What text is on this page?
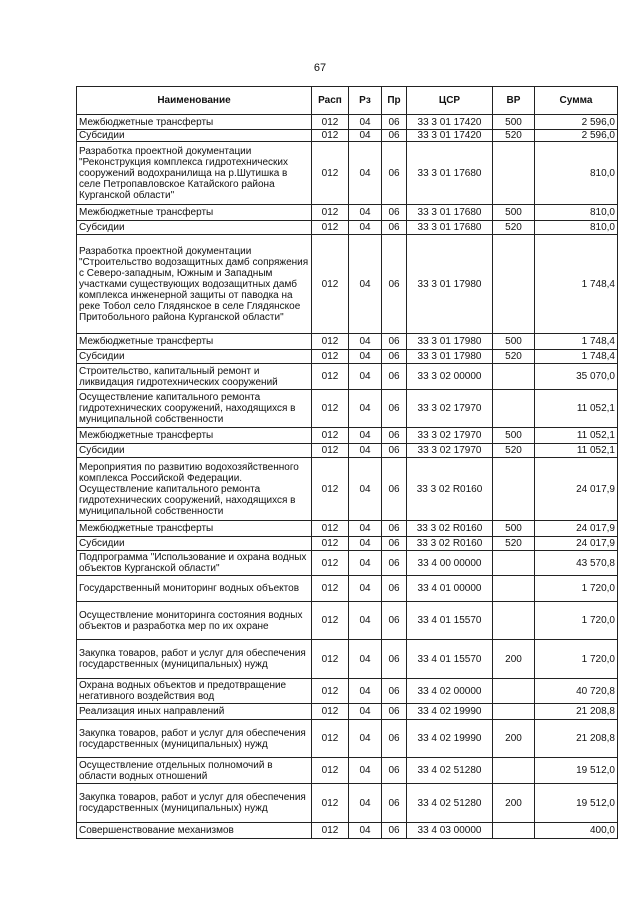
67
Наименование	Расп	Рз	Пр	ЦСР	ВР	Сумма
Межбюджетные трансферты	012	04	06	33 3 01 17420	500	2 596,0
Субсидии	012	04	06	33 3 01 17420	520	2 596,0
Разработка проектной документации "Реконструкция комплекса гидротехнических сооружений водохранилища на р.Шутишка в селе Петропавловское Катайского района Курганской области"	012	04	06	33 3 01 17680		810,0
Межбюджетные трансферты	012	04	06	33 3 01 17680	500	810,0
Субсидии	012	04	06	33 3 01 17680	520	810,0
Разработка проектной документации "Строительство водозащитных дамб сопряжения с Северо-западным, Южным и Западным участками существующих водозащитных дамб комплекса инженерной защиты от паводка на реке Тобол село Глядянское в селе Глядянское Притобольного района Курганской области"	012	04	06	33 3 01 17980		1 748,4
Межбюджетные трансферты	012	04	06	33 3 01 17980	500	1 748,4
Субсидии	012	04	06	33 3 01 17980	520	1 748,4
Строительство, капитальный ремонт и ликвидация гидротехнических сооружений	012	04	06	33 3 02 00000		35 070,0
Осуществление капитального ремонта гидротехнических сооружений, находящихся в муниципальной собственности	012	04	06	33 3 02 17970		11 052,1
Межбюджетные трансферты	012	04	06	33 3 02 17970	500	11 052,1
Субсидии	012	04	06	33 3 02 17970	520	11 052,1
Мероприятия по развитию водохозяйственного комплекса Российской Федерации. Осуществление капитального ремонта гидротехнических сооружений, находящихся в муниципальной собственности	012	04	06	33 3 02 R0160		24 017,9
Межбюджетные трансферты	012	04	06	33 3 02 R0160	500	24 017,9
Субсидии	012	04	06	33 3 02 R0160	520	24 017,9
Подпрограмма "Использование и охрана водных объектов Курганской области"	012	04	06	33 4 00 00000		43 570,8
Государственный мониторинг водных объектов	012	04	06	33 4 01 00000		1 720,0
Осуществление мониторинга состояния водных объектов и разработка мер по их охране	012	04	06	33 4 01 15570		1 720,0
Закупка товаров, работ и услуг для обеспечения государственных (муниципальных) нужд	012	04	06	33 4 01 15570	200	1 720,0
Охрана водных объектов и предотвращение негативного воздействия вод	012	04	06	33 4 02 00000		40 720,8
Реализация иных направлений	012	04	06	33 4 02 19990		21 208,8
Закупка товаров, работ и услуг для обеспечения государственных (муниципальных) нужд	012	04	06	33 4 02 19990	200	21 208,8
Осуществление отдельных полномочий в области водных отношений	012	04	06	33 4 02 51280		19 512,0
Закупка товаров, работ и услуг для обеспечения государственных (муниципальных) нужд	012	04	06	33 4 02 51280	200	19 512,0
Совершенствование механизмов	012	04	06	33 4 03 00000		400,0
